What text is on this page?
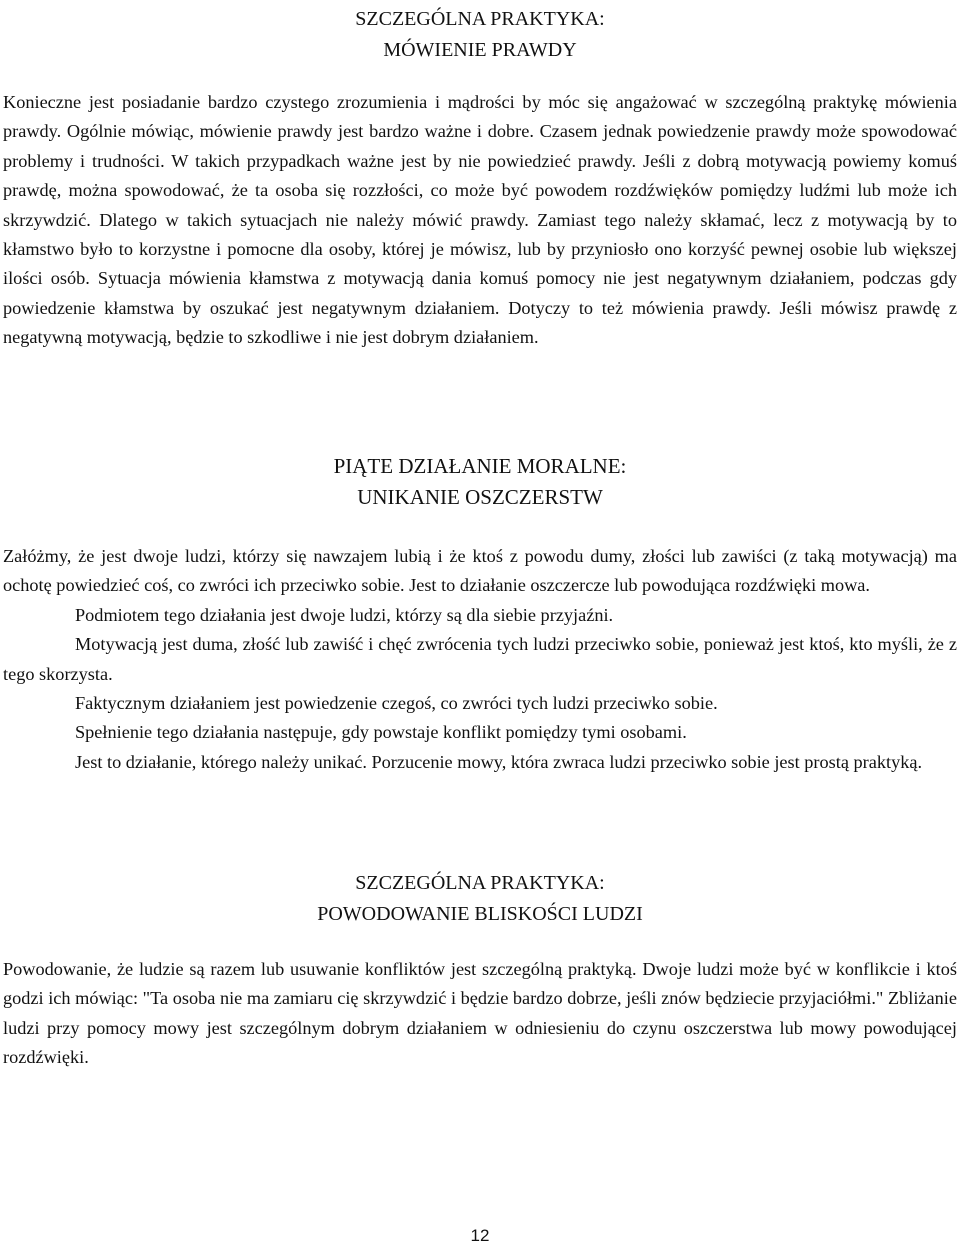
SZCZEGÓLNA PRAKTYKA:
MÓWIENIE PRAWDY

Konieczne jest posiadanie bardzo czystego zrozumienia i mądrości by móc się angażować w szczególną praktykę mówienia prawdy. Ogólnie mówiąc, mówienie prawdy jest bardzo ważne i dobre. Czasem jednak powiedzenie prawdy może spowodować problemy i trudności. W takich przypadkach ważne jest by nie powiedzieć prawdy. Jeśli z dobrą motywacją powiemy komuś prawdę, można spowodować, że ta osoba się rozzłości, co może być powodem rozdźwięków pomiędzy ludźmi lub może ich skrzywdzić. Dlatego w takich sytuacjach nie należy mówić prawdy. Zamiast tego należy skłamać, lecz z motywacją by to kłamstwo było to korzystne i pomocne dla osoby, której je mówisz, lub by przyniosło ono korzyść pewnej osobie lub większej ilości osób. Sytuacja mówienia kłamstwa z motywacją dania komuś pomocy nie jest negatywnym działaniem, podczas gdy powiedzenie kłamstwa by oszukać jest negatywnym działaniem. Dotyczy to też mówienia prawdy. Jeśli mówisz prawdę z negatywną motywacją, będzie to szkodliwe i nie jest dobrym działaniem.

PIĄTE DZIAŁANIE MORALNE:
UNIKANIE OSZCZERSTW
Załóżmy, że jest dwoje ludzi, którzy się nawzajem lubią i że ktoś z powodu dumy, złości lub zawiści (z taką motywacją) ma ochotę powiedzieć coś, co zwróci ich przeciwko sobie. Jest to działanie oszczercze lub powodująca rozdźwięki mowa.
Podmiotem tego działania jest dwoje ludzi, którzy są dla siebie przyjaźni.
Motywacją jest duma, złość lub zawiść i chęć zwrócenia tych ludzi przeciwko sobie, ponieważ jest ktoś, kto myśli, że z tego skorzysta.
Faktycznym działaniem jest powiedzenie czegoś, co zwróci tych ludzi przeciwko sobie.
Spełnienie tego działania następuje, gdy powstaje konflikt pomiędzy tymi osobami.
Jest to działanie, którego należy unikać. Porzucenie mowy, która zwraca ludzi przeciwko sobie jest prostą praktyką.
SZCZEGÓLNA PRAKTYKA:
POWODOWANIE BLISKOŚCI LUDZI

Powodowanie, że ludzie są razem lub usuwanie konfliktów jest szczególną praktyką. Dwoje ludzi może być w konflikcie i ktoś godzi ich mówiąc: "Ta osoba nie ma zamiaru cię skrzywdzić i będzie bardzo dobrze, jeśli znów będziecie przyjaciółmi." Zbliżanie ludzi przy pomocy mowy jest szczególnym dobrym działaniem w odniesieniu do czynu oszczerstwa lub mowy powodującej rozdźwięki.

12
